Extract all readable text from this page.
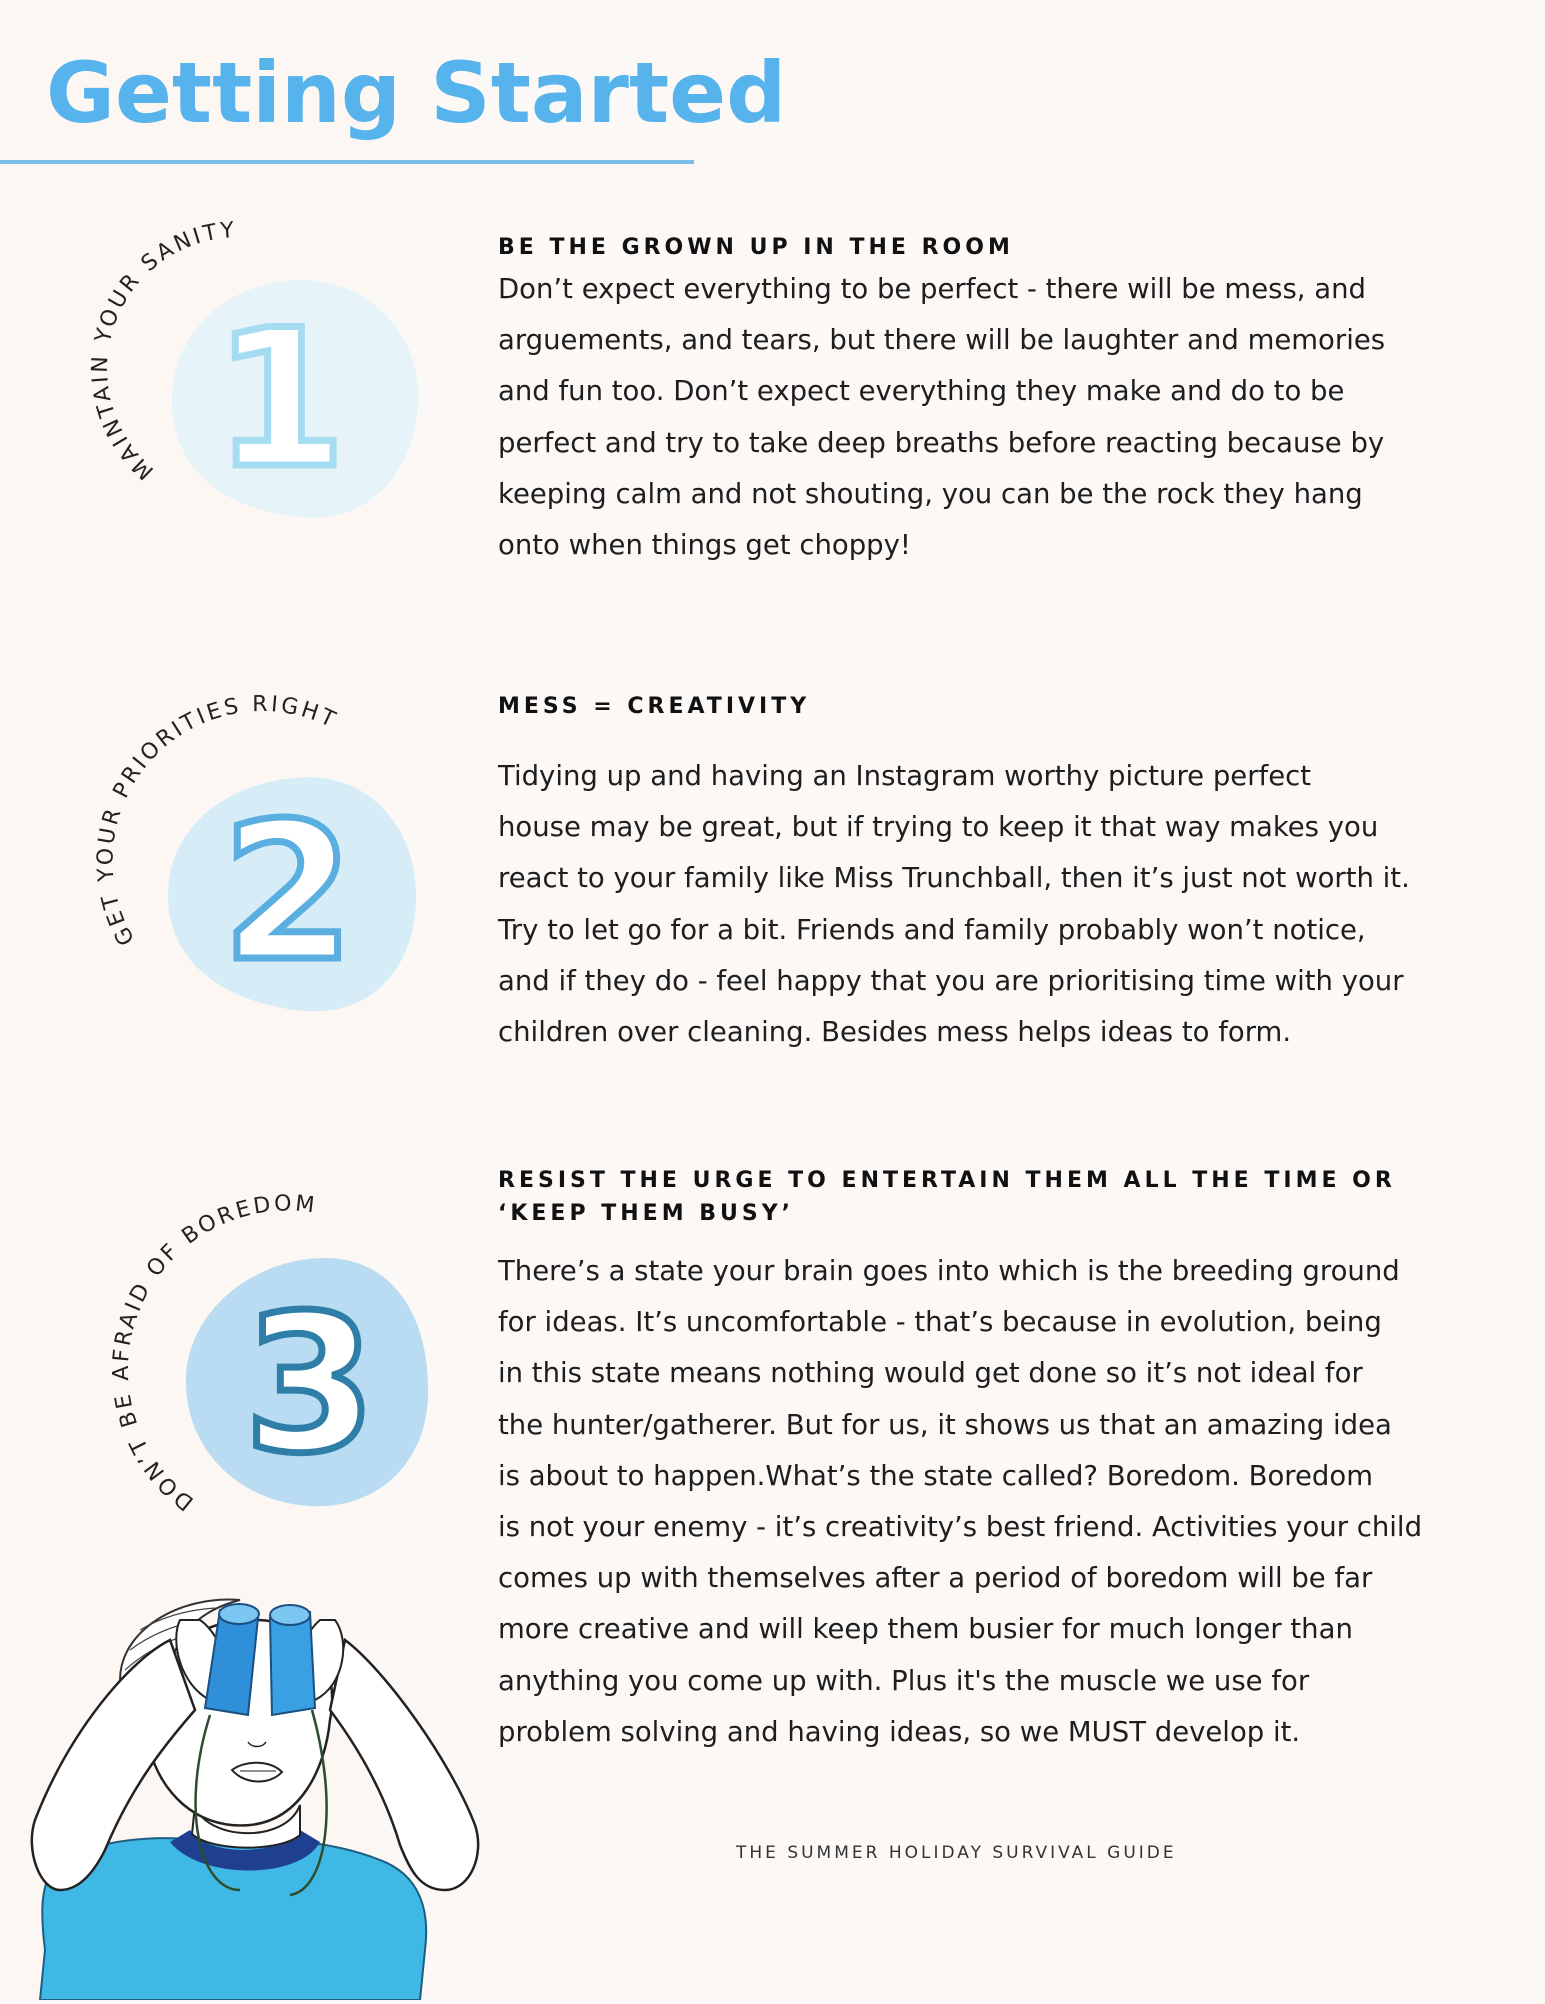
Getting Started
MAINTAIN YOUR SANITY
1
GET YOUR PRIORITIES RIGHT
2
DON’T BE AFRAID OF BOREDOM
3
BE THE GROWN UP IN THE ROOM
Don’t expect everything to be perfect - there will be mess, and
arguements, and tears, but there will be laughter and memories
and fun too. Don’t expect everything they make and do to be
perfect and try to take deep breaths before reacting because by
keeping calm and not shouting, you can be the rock they hang
onto when things get choppy!
MESS = CREATIVITY
Tidying up and having an Instagram worthy picture perfect
house may be great, but if trying to keep it that way makes you
react to your family like Miss Trunchball, then it’s just not worth it.
Try to let go for a bit. Friends and family probably won’t notice,
and if they do - feel happy that you are prioritising time with your
children over cleaning. Besides mess helps ideas to form.
RESIST THE URGE TO ENTERTAIN THEM ALL THE TIME OR
‘KEEP THEM BUSY’
There’s a state your brain goes into which is the breeding ground
for ideas. It’s uncomfortable - that’s because in evolution, being
in this state means nothing would get done so it’s not ideal for
the hunter/gatherer. But for us, it shows us that an amazing idea
is about to happen.What’s the state called? Boredom. Boredom
is not your enemy - it’s creativity’s best friend. Activities your child
comes up with themselves after a period of boredom will be far
more creative and will keep them busier for much longer than
anything you come up with. Plus it's the muscle we use for
problem solving and having ideas, so we MUST develop it.
THE SUMMER HOLIDAY SURVIVAL GUIDE
